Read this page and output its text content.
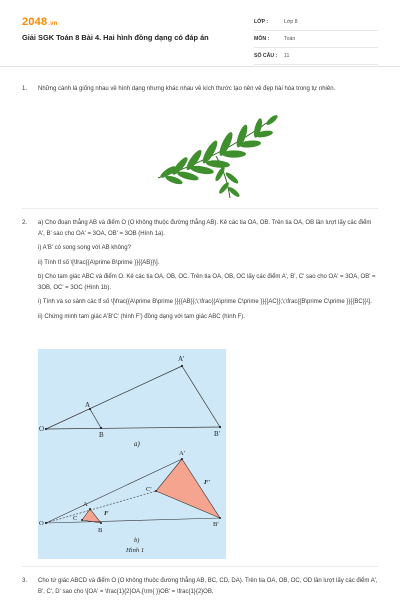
2048.vn
Giải SGK Toán 8 Bài 4. Hai hình đồng dạng có đáp án
LỚP :	Lớp 8
MÔN :	Toán
SỐ CÂU : 11
1.	Những cành lá giống nhau về hình dạng nhưng khác nhau về kích thước tạo nên vẻ đẹp hài hòa trong tự nhiên.

2.	a) Cho đoạn thẳng AB và điểm O (O không thuộc đường thẳng AB). Kẻ các tia OA, OB. Trên tia OA, OB lần lượt lấy các điểm A', B' sao cho OA' = 3OA, OB' = 3OB (Hình 1a).

i) A'B' có song song với AB không?

ii) Tính tỉ số \[\frac{{A\prime B\prime }}{{AB}}\].

b) Cho tam giác ABC và điểm O. Kẻ các tia OA, OB, OC. Trên tia OA, OB, OC lấy các điểm A', B', C' sao cho OA' = 3OA, OB' = 3OB, OC' = 3OC (Hình 1b).

i) Tính và so sánh các tỉ số \[\frac{{A\prime B\prime }}{{AB}};\;\frac{{A\prime C\prime }}{{AC}};\;\frac{{B\prime C\prime }}{{BC}}\].

ii) Chứng minh tam giác A'B'C' (hình F') đồng dạng với tam giác ABC (hình F).

O
A
B
A'
B'
a)
O
A
C
B
A'
C'
B'
F
F'
b)
Hình 1
3.	Cho tứ giác ABCD và điểm O (O không thuộc đường thẳng AB, BC, CD, DA). Trên tia OA, OB, OC, OD lần lượt lấy các điểm A', B', C', D' sao cho \[OA' = \frac{1}{2}OA,{\rm{ }}OB' = \frac{1}{2}OB,
